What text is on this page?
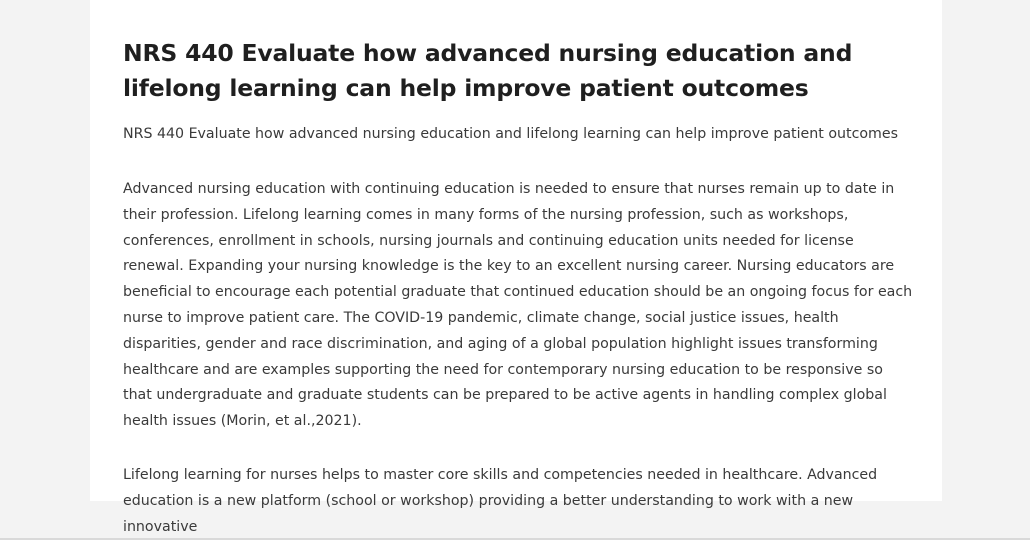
NRS 440 Evaluate how advanced nursing education and lifelong learning can help improve patient outcomes

NRS 440 Evaluate how advanced nursing education and lifelong learning can help improve patient outcomes

Advanced nursing education with continuing education is needed to ensure that nurses remain up to date in their profession. Lifelong learning comes in many forms of the nursing profession, such as workshops, conferences, enrollment in schools, nursing journals and continuing education units needed for license renewal. Expanding your nursing knowledge is the key to an excellent nursing career. Nursing educators are beneficial to encourage each potential graduate that continued education should be an ongoing focus for each nurse to improve patient care. The COVID-19 pandemic, climate change, social justice issues, health disparities, gender and race discrimination, and aging of a global population highlight issues transforming healthcare and are examples supporting the need for contemporary nursing education to be responsive so that undergraduate and graduate students can be prepared to be active agents in handling complex global health issues (Morin, et al.,2021).

Lifelong learning for nurses helps to master core skills and competencies needed in healthcare. Advanced education is a new platform (school or workshop) providing a better understanding to work with a new innovative
